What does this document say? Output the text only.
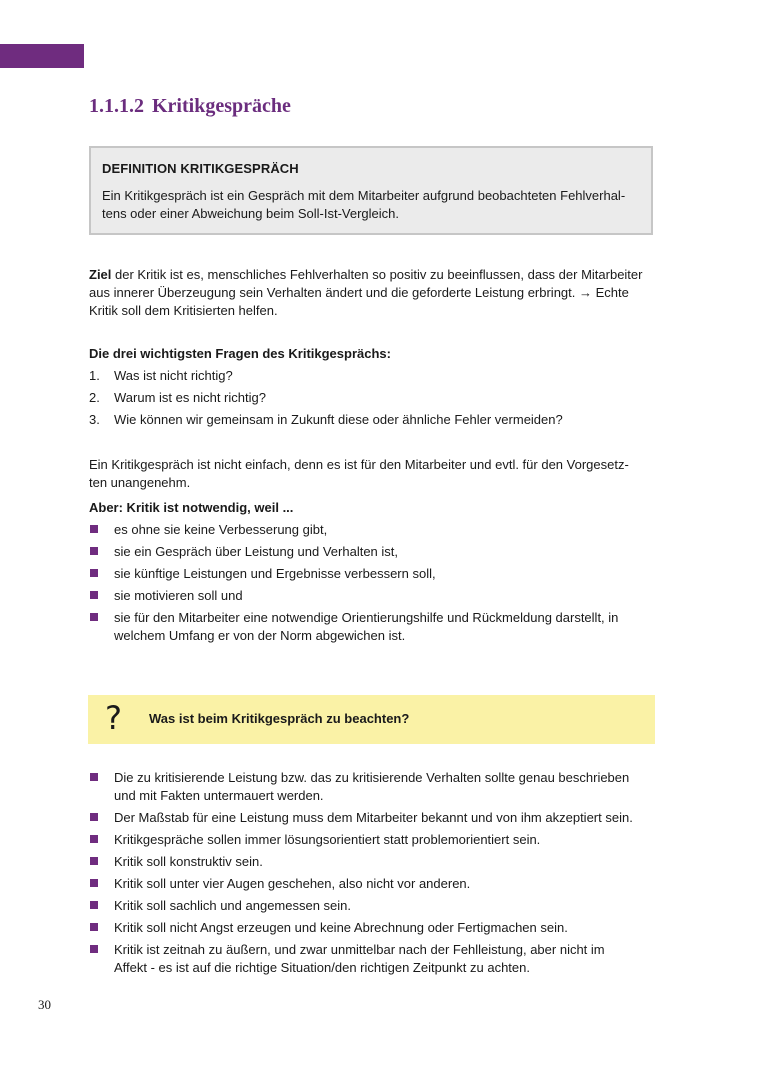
1.1.1.2 Kritikgespräche
DEFINITION KRITIKGESPRÄCH
Ein Kritikgespräch ist ein Gespräch mit dem Mitarbeiter aufgrund beobachteten Fehlverhal-
tens oder einer Abweichung beim Soll-Ist-Vergleich.

Ziel der Kritik ist es, menschliches Fehlverhalten so positiv zu beeinflussen, dass der Mitarbeiter

aus innerer Überzeugung sein Verhalten ändert und die geforderte Leistung erbringt. → Echte

Kritik soll dem Kritisierten helfen.

Die drei wichtigsten Fragen des Kritikgesprächs:

1. Was ist nicht richtig?
2. Warum ist es nicht richtig?
3. Wie können wir gemeinsam in Zukunft diese oder ähnliche Fehler vermeiden?

Ein Kritikgespräch ist nicht einfach, denn es ist für den Mitarbeiter und evtl. für den Vorgesetz-

ten unangenehm.

Aber: Kritik ist notwendig, weil ...

es ohne sie keine Verbesserung gibt,
sie ein Gespräch über Leistung und Verhalten ist,
sie künftige Leistungen und Ergebnisse verbessern soll,
sie motivieren soll und
sie für den Mitarbeiter eine notwendige Orientierungshilfe und Rückmeldung darstellt, in
welchem Umfang er von der Norm abgewichen ist.
? Was ist beim Kritikgespräch zu beachten?
Die zu kritisierende Leistung bzw. das zu kritisierende Verhalten sollte genau beschrieben
und mit Fakten untermauert werden.
Der Maßstab für eine Leistung muss dem Mitarbeiter bekannt und von ihm akzeptiert sein.
Kritikgespräche sollen immer lösungsorientiert statt problemorientiert sein.
Kritik soll konstruktiv sein.
Kritik soll unter vier Augen geschehen, also nicht vor anderen.
Kritik soll sachlich und angemessen sein.
Kritik soll nicht Angst erzeugen und keine Abrechnung oder Fertigmachen sein.
Kritik ist zeitnah zu äußern, und zwar unmittelbar nach der Fehlleistung, aber nicht im
Affekt - es ist auf die richtige Situation/den richtigen Zeitpunkt zu achten.
30
